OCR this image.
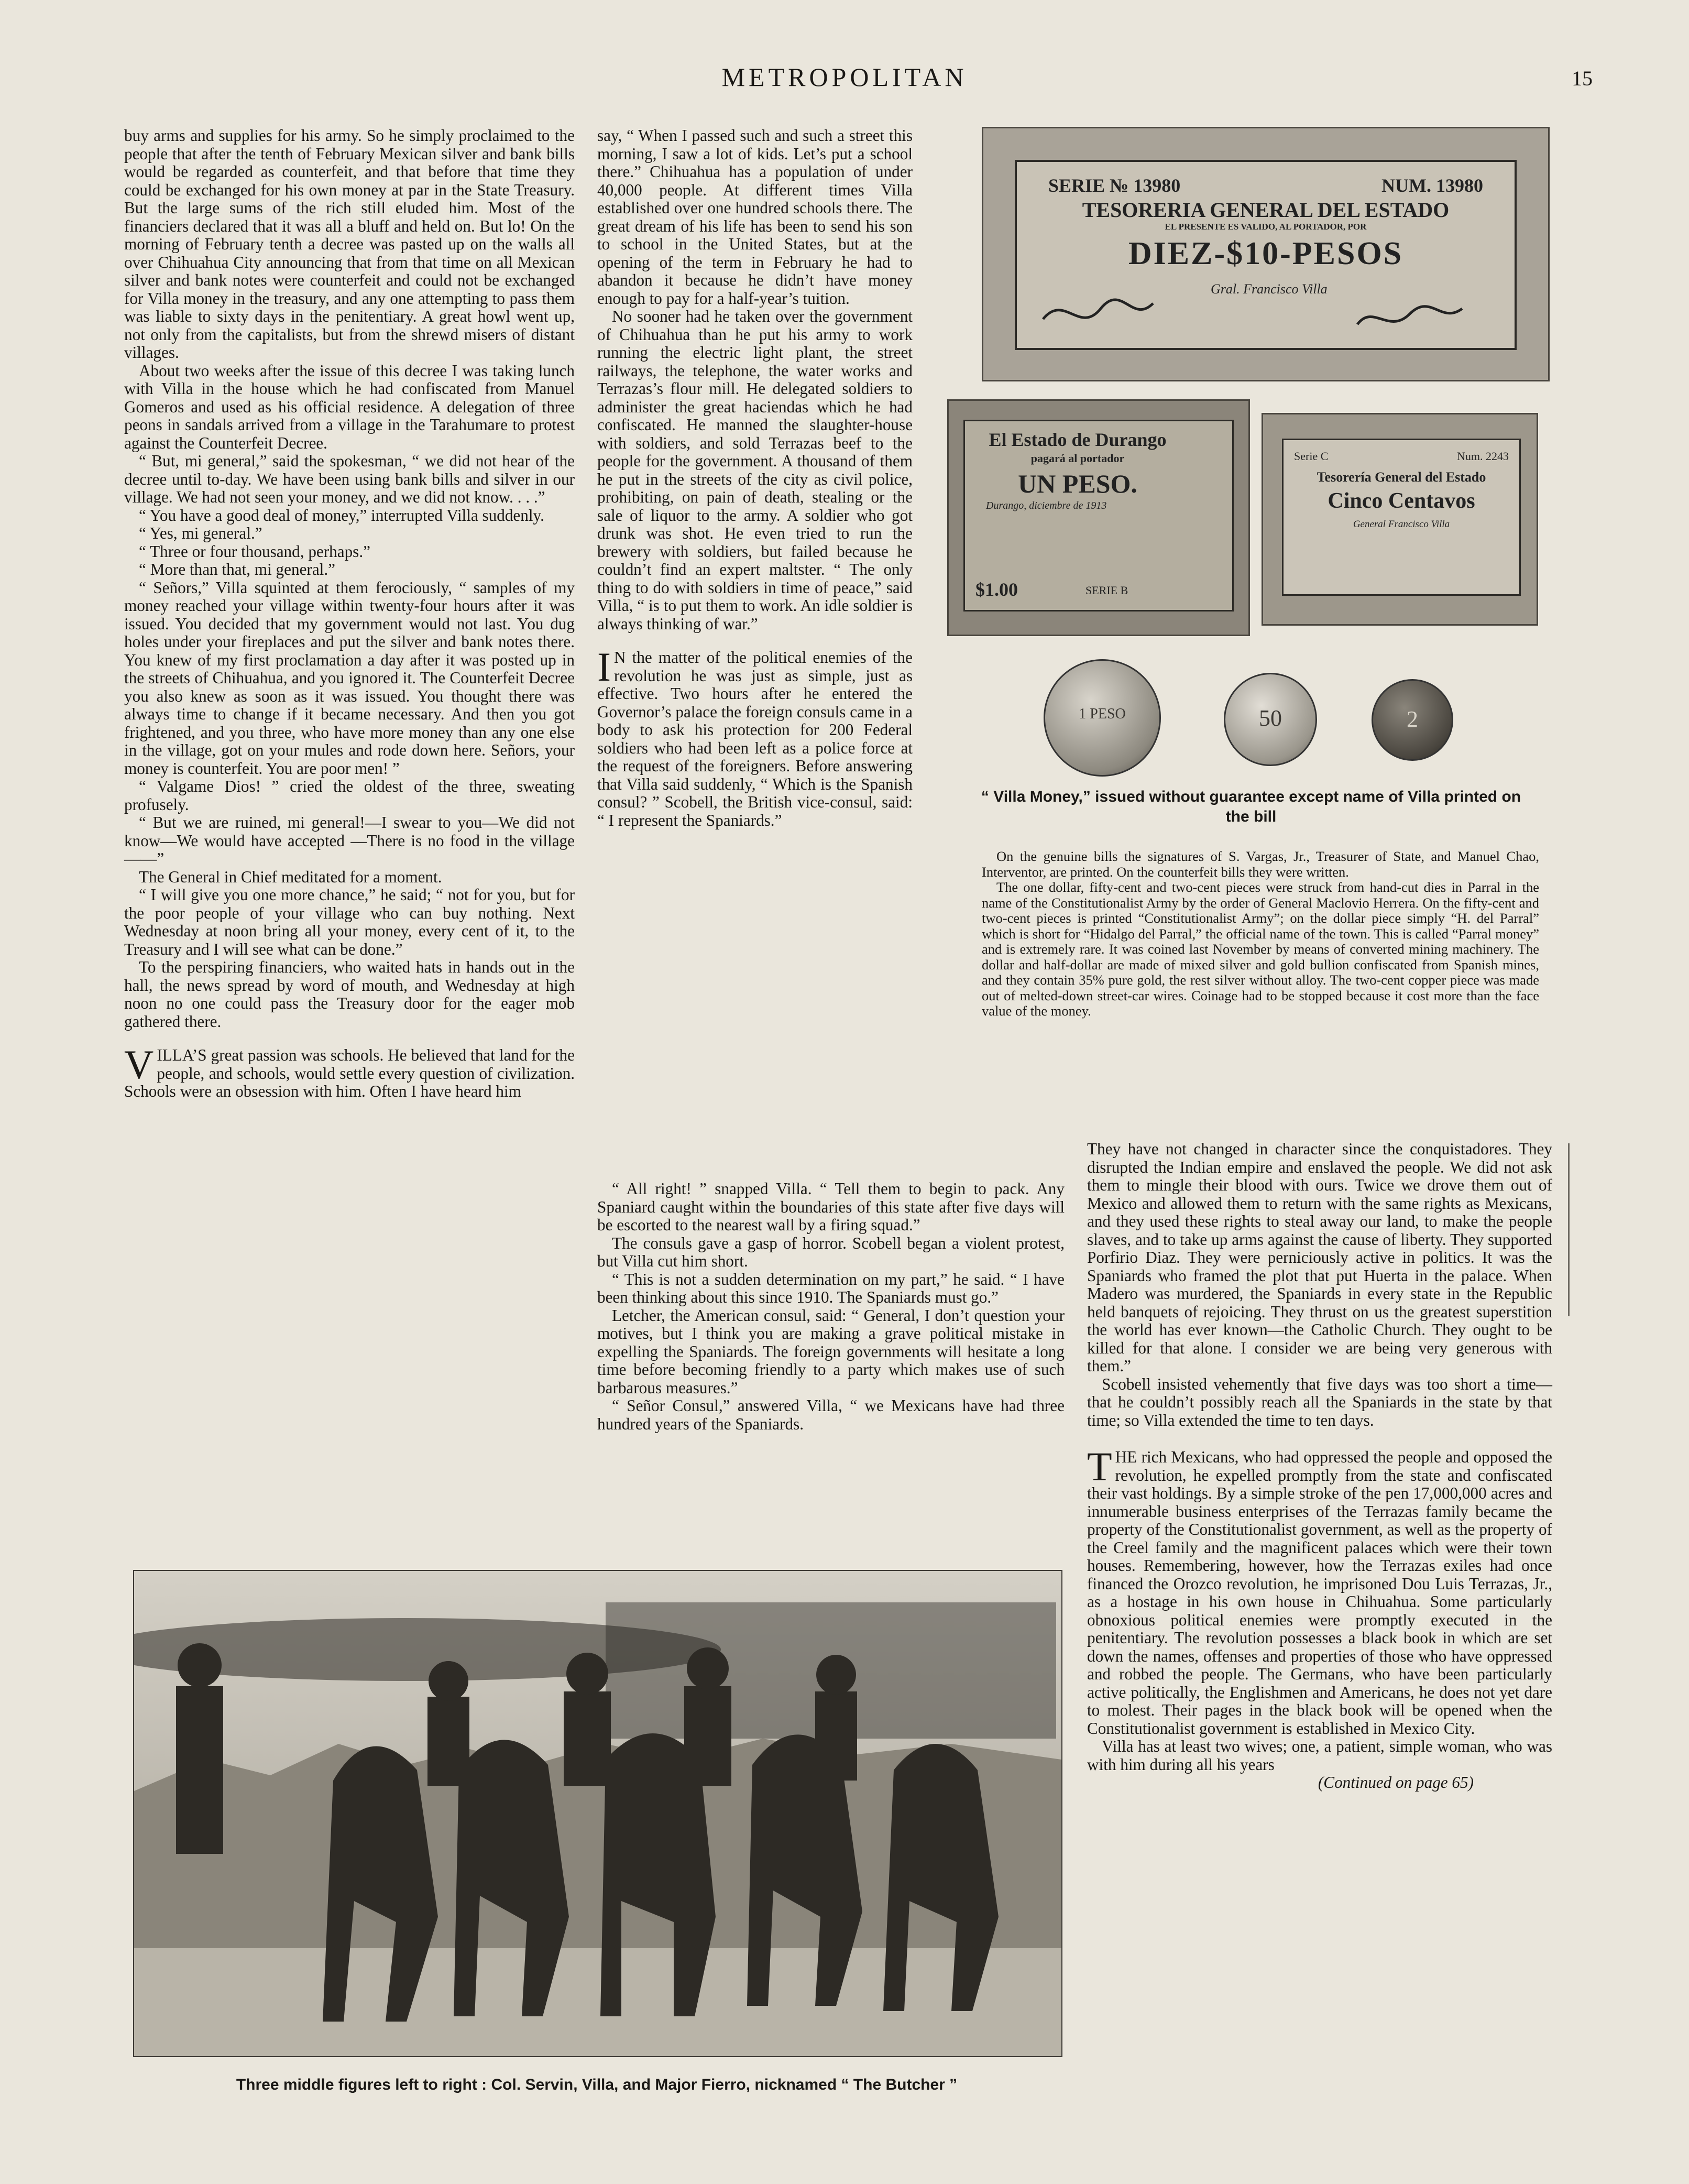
METROPOLITAN	15

buy arms and supplies for his army. So he simply proclaimed to the people that after the tenth of February Mexican silver and bank bills would be regarded as counterfeit, and that before that time they could be exchanged for his own money at par in the State Treasury. But the large sums of the rich still eluded him. Most of the financiers declared that it was all a bluff and held on. But lo! On the morning of February tenth a decree was pasted up on the walls all over Chihuahua City announcing that from that time on all Mexican silver and bank notes were counterfeit and could not be exchanged for Villa money in the treasury, and any one attempting to pass them was liable to sixty days in the penitentiary. A great howl went up, not only from the capitalists, but from the shrewd misers of distant villages.

About two weeks after the issue of this decree I was taking lunch with Villa in the house which he had confiscated from Manuel Gomeros and used as his official residence. A delegation of three peons in sandals arrived from a village in the Tarahumare to protest against the Counterfeit Decree.

“ But, mi general,” said the spokesman, “ we did not hear of the decree until to-day. We have been using bank bills and silver in our village. We had not seen your money, and we did not know. . . .”

“ You have a good deal of money,” interrupted Villa suddenly.

“ Yes, mi general.”

“ Three or four thousand, perhaps.”

“ More than that, mi general.”

“ Señors,” Villa squinted at them ferociously, “ samples of my money reached your village within twenty-four hours after it was issued. You decided that my government would not last. You dug holes under your fireplaces and put the silver and bank notes there. You knew of my first proclamation a day after it was posted up in the streets of Chihuahua, and you ignored it. The Counterfeit Decree you also knew as soon as it was issued. You thought there was always time to change if it became necessary. And then you got frightened, and you three, who have more money than any one else in the village, got on your mules and rode down here. Señors, your money is counterfeit. You are poor men! ”

“ Valgame Dios! ” cried the oldest of the three, sweating profusely.

“ But we are ruined, mi general!—I swear to you—We did not know—We would have accepted —There is no food in the village——”

The General in Chief meditated for a moment.

“ I will give you one more chance,” he said; “ not for you, but for the poor people of your village who can buy nothing. Next Wednesday at noon bring all your money, every cent of it, to the Treasury and I will see what can be done.”

To the perspiring financiers, who waited hats in hands out in the hall, the news spread by word of mouth, and Wednesday at high noon no one could pass the Treasury door for the eager mob gathered there.

VILLA’S great passion was schools. He believed that land for the people, and schools, would settle every question of civilization. Schools were an obsession with him. Often I have heard him

say, “ When I passed such and such a street this morning, I saw a lot of kids. Let’s put a school there.” Chihuahua has a population of under 40,000 people. At different times Villa established over one hundred schools there. The great dream of his life has been to send his son to school in the United States, but at the opening of the term in February he had to abandon it because he didn’t have money enough to pay for a half-year’s tuition.

No sooner had he taken over the government of Chihuahua than he put his army to work running the electric light plant, the street railways, the telephone, the water works and Terrazas’s flour mill. He delegated soldiers to administer the great haciendas which he had confiscated. He manned the slaughter-house with soldiers, and sold Terrazas beef to the people for the government. A thousand of them he put in the streets of the city as civil police, prohibiting, on pain of death, stealing or the sale of liquor to the army. A soldier who got drunk was shot. He even tried to run the brewery with soldiers, but failed because he couldn’t find an expert maltster. “ The only thing to do with soldiers in time of peace,” said Villa, “ is to put them to work. An idle soldier is always thinking of war.”

I N the matter of the political enemies of the revolution he was just as simple, just as effective. Two hours after he entered the Governor’s palace the foreign consuls came in a body to ask his protection for 200 Federal soldiers who had been left as a police force at the request of the foreigners. Before answering that Villa said suddenly, “ Which is the Spanish consul? ” Scobell, the British vice-consul, said: “ I represent the Spaniards.”

“ All right! ” snapped Villa. “ Tell them to begin to pack. Any Spaniard caught within the boundaries of this state after five days will be escorted to the nearest wall by a firing squad.”

The consuls gave a gasp of horror. Scobell began a violent protest, but Villa cut him short.

“ This is not a sudden determination on my part,” he said. “ I have been thinking about this since 1910. The Spaniards must go.”

Letcher, the American consul, said: “ General, I don’t question your motives, but I think you are making a grave political mistake in expelling the Spaniards. The foreign governments will hesitate a long time before becoming friendly to a party which makes use of such barbarous measures.”

“ Señor Consul,” answered Villa, “ we Mexicans have had three hundred years of the Spaniards.

They have not changed in character since the conquistadores. They disrupted the Indian empire and enslaved the people. We did not ask them to mingle their blood with ours. Twice we drove them out of Mexico and allowed them to return with the same rights as Mexicans, and they used these rights to steal away our land, to make the people slaves, and to take up arms against the cause of liberty. They supported Porfirio Diaz. They were perniciously active in politics. It was the Spaniards who framed the plot that put Huerta in the palace. When Madero was murdered, the Spaniards in every state in the Republic held banquets of rejoicing. They thrust on us the greatest superstition the world has ever known—the Catholic Church. They ought to be killed for that alone. I consider we are being very generous with them.”

Scobell insisted vehemently that five days was too short a time—that he couldn’t possibly reach all the Spaniards in the state by that time; so Villa extended the time to ten days.

THE rich Mexicans, who had oppressed the people and opposed the revolution, he expelled promptly from the state and confiscated their vast holdings. By a simple stroke of the pen 17,000,000 acres and innumerable business enterprises of the Terrazas family became the property of the Constitutionalist government, as well as the property of the Creel family and the magnificent palaces which were their town houses. Remembering, however, how the Terrazas exiles had once financed the Orozco revolution, he imprisoned Dou Luis Terrazas, Jr., as a hostage in his own house in Chihuahua. Some particularly obnoxious political enemies were promptly executed in the penitentiary. The revolution possesses a black book in which are set down the names, offenses and properties of those who have oppressed and robbed the people. The Germans, who have been particularly active politically, the Englishmen and Americans, he does not yet dare to molest. Their pages in the black book will be opened when the Constitutionalist government is established in Mexico City.

Villa has at least two wives; one, a patient, simple woman, who was with him during all his years

(Continued on page 65)

SERIE № 13980	NUM. 13980
TESORERIA GENERAL DEL ESTADO
EL PRESENTE ES VALIDO, AL PORTADOR, POR
DIEZ-$10-PESOS
Gral. Francisco Villa
El Estado de Durango
pagará al portador
UN PESO.
Durango, diciembre de 1913
$1.00	SERIE B
Serie C	Num. 2243
Tesorería General del Estado
Cinco Centavos
General Francisco Villa
1 PESO	50	2
“ Villa Money,” issued without guarantee except name of Villa printed on the bill

On the genuine bills the signatures of S. Vargas, Jr., Treasurer of State, and Manuel Chao, Interventor, are printed. On the counterfeit bills they were written.

The one dollar, fifty-cent and two-cent pieces were struck from hand-cut dies in Parral in the name of the Constitutionalist Army by the order of General Maclovio Herrera. On the fifty-cent and two-cent pieces is printed “Constitutionalist Army”; on the dollar piece simply “H. del Parral” which is short for “Hidalgo del Parral,” the official name of the town. This is called “Parral money” and is extremely rare. It was coined last November by means of converted mining machinery. The dollar and half-dollar are made of mixed silver and gold bullion confiscated from Spanish mines, and they contain 35% pure gold, the rest silver without alloy. The two-cent copper piece was made out of melted-down street-car wires. Coinage had to be stopped because it cost more than the face value of the money.

Three middle figures left to right : Col. Servin, Villa, and Major Fierro, nicknamed “ The Butcher ”
